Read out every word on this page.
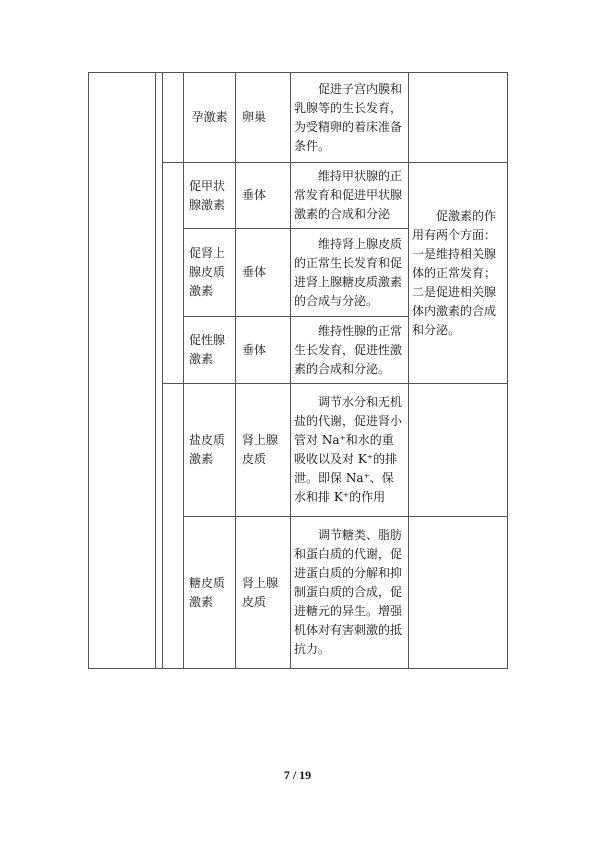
孕激素 卵巢
促进子宫内膜和乳腺等的生长发育，为受精卵的着床准备条件。
促甲状
腺激素
垂体
维持甲状腺的正常发育和促进甲状腺激素的合成和分泌
促肾上
腺皮质
激素
垂体
维持肾上腺皮质的正常生长发育和促进肾上腺糖皮质激素的合成与分泌。
促性腺
激素
垂体
维持性腺的正常生长发育，促进性激素的合成和分泌。
促激素的作用有两个方面：一是维持相关腺体的正常发育；二是促进相关腺体内激素的合成和分泌。
盐皮质
激素
肾上腺
皮质
调节水分和无机盐的代谢，促进肾小管对 Na⁺和水的重吸收以及对 K⁺的排泄。即保 Na⁺、保水和排 K⁺的作用
糖皮质
激素
肾上腺
皮质
调节糖类、脂肪和蛋白质的代谢，促进蛋白质的分解和抑制蛋白质的合成，促进糖元的异生。增强机体对有害刺激的抵抗力。
7 / 19
